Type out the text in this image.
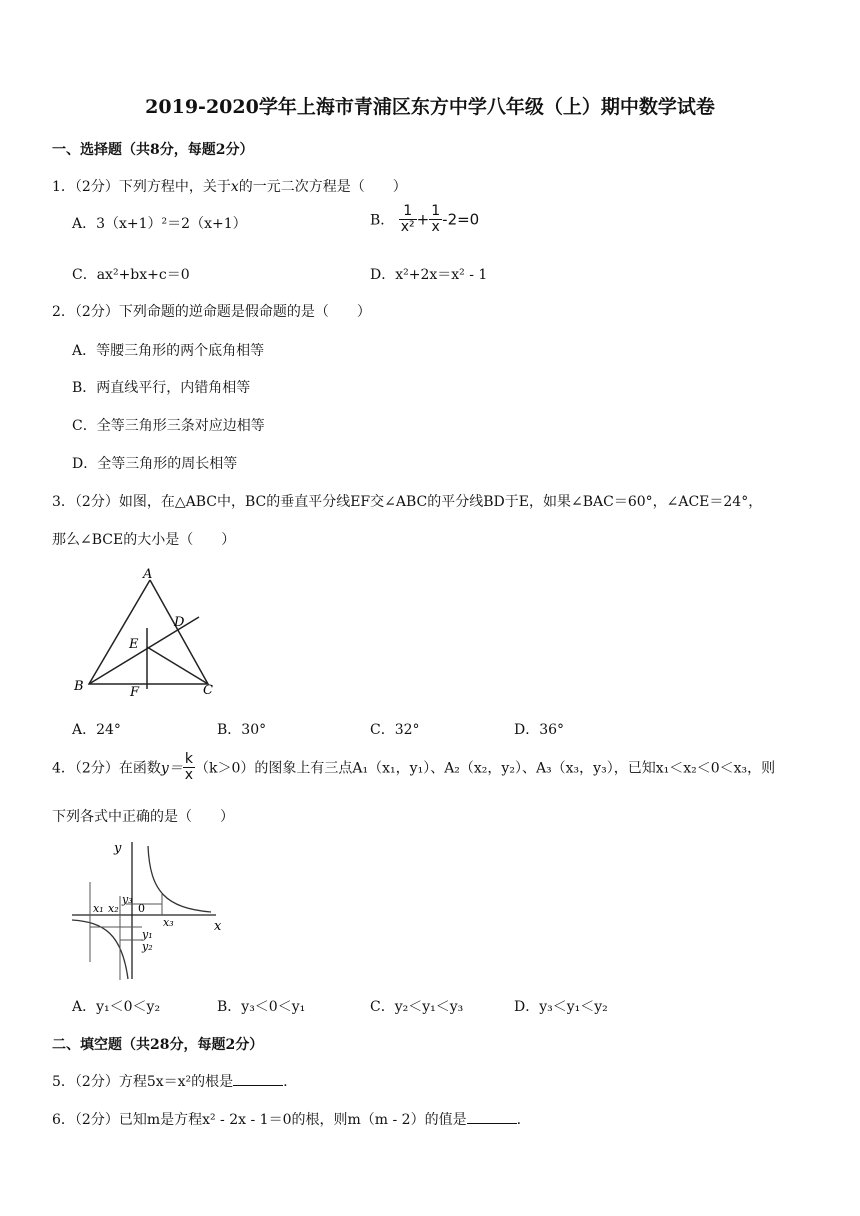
2019-2020学年上海市青浦区东方中学八年级（上）期中数学试卷
一、选择题（共8分，每题2分）
1．（2分）下列方程中，关于x的一元二次方程是（　　）
A．3（x+1）²＝2（x+1）	B． $\frac{1}{\text{x²}} + \frac{1}{x} -2=0$
C．ax²+bx+c＝0	D．x²+2x＝x² - 1
2．（2分）下列命题的逆命题是假命题的是（　　）
A．等腰三角形的两个底角相等
B．两直线平行，内错角相等
C．全等三角形三条对应边相等
D．全等三角形的周长相等
3．（2分）如图，在△ABC中，BC的垂直平分线EF交∠ABC的平分线BD于E，如果∠BAC＝60°，∠ACE＝24°，
那么∠BCE的大小是（　　）
A
B	C
D
E
F
A．24°	B．30°	C．32°	D．36°
4．（2分）在函数$y= \frac{k}{x} (k>0)$的图象上有三点A₁（x₁，y₁）、A₂（x₂，y₂）、A₃（x₃，y₃），已知x₁＜x₂＜0＜x₃，则
下列各式中正确的是（　　）
y
x
0
x₁ x₂
x₃
y₃
y₁
y₂
A．y₁＜0＜y₂	B．y₃＜0＜y₁	C．y₂＜y₁＜y₃	D．y₃＜y₁＜y₂
二、填空题（共28分，每题2分）
5．（2分）方程5x＝x²的根是	.
6．（2分）已知m是方程x² - 2x - 1＝0的根，则m（m - 2）的值是	.
